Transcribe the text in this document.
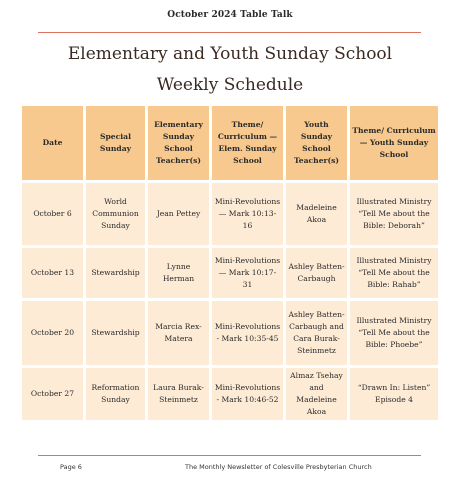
October 2024 Table Talk
Elementary and Youth Sunday School
Weekly Schedule
Date	Special Sunday	Elementary Sunday School Teacher(s)	Theme/ Curriculum — Elem. Sunday School	Youth Sunday School Teacher(s)	Theme/ Curriculum — Youth Sunday School
October 6	World Communion Sunday	Jean Pettey	Mini-Revolutions — Mark 10:13-16	Madeleine Akoa	Illustrated Ministry “Tell Me about the Bible: Deborah”
October 13	Stewardship	Lynne Herman	Mini-Revolutions — Mark 10:17-31	Ashley Batten-Carbaugh	Illustrated Ministry “Tell Me about the Bible: Rahab”
October 20	Stewardship	Marcia Rex-Matera	Mini-Revolutions - Mark 10:35-45	Ashley Batten-Carbaugh and Cara Burak-Steinmetz	Illustrated Ministry “Tell Me about the Bible: Phoebe”
October 27	Reformation Sunday	Laura Burak-Steinmetz	Mini-Revolutions - Mark 10:46-52	Almaz Tsehay and Madeleine Akoa	“Drawn In: Listen” Episode 4
Page 6	The Monthly Newsletter of Colesville Presbyterian Church
